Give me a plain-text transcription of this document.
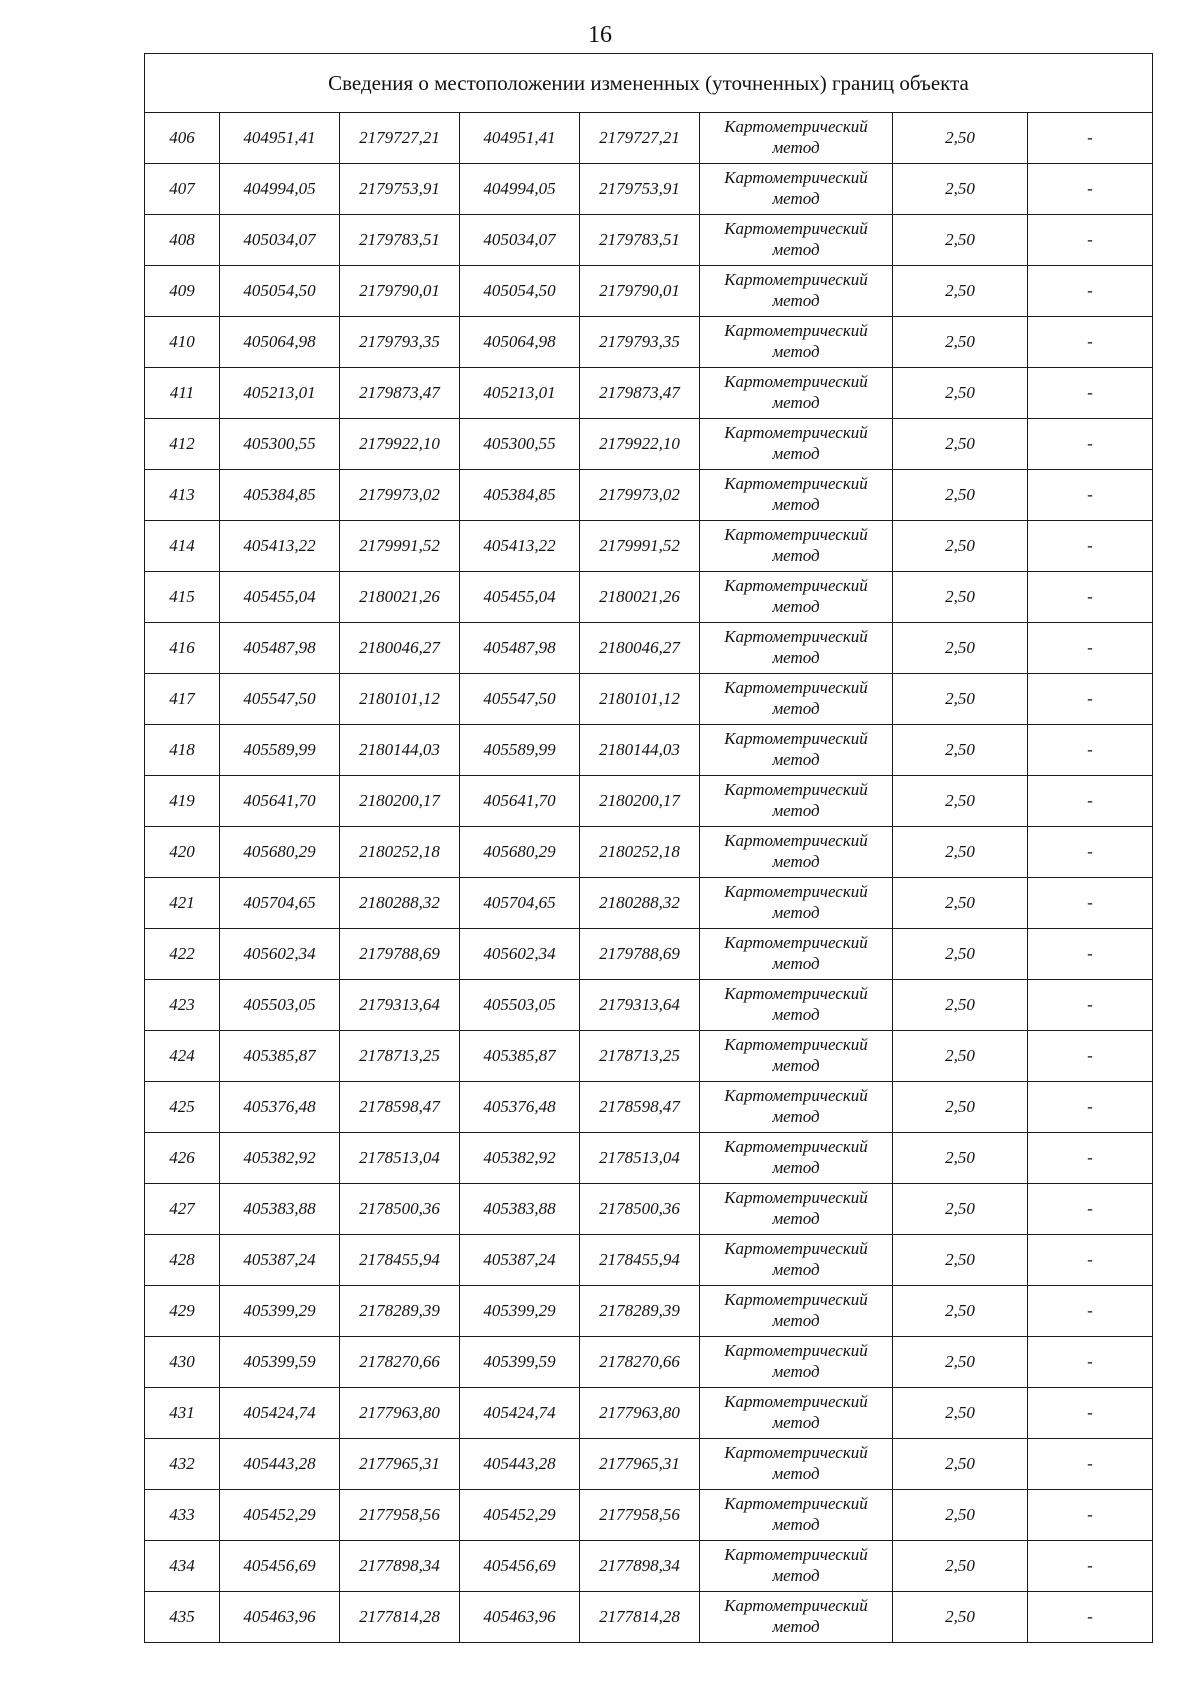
16
Сведения о местоположении измененных (уточненных) границ объекта							
406	404951,41	2179727,21	404951,41	2179727,21	Картометрический метод	2,50	-
407	404994,05	2179753,91	404994,05	2179753,91	Картометрический метод	2,50	-
408	405034,07	2179783,51	405034,07	2179783,51	Картометрический метод	2,50	-
409	405054,50	2179790,01	405054,50	2179790,01	Картометрический метод	2,50	-
410	405064,98	2179793,35	405064,98	2179793,35	Картометрический метод	2,50	-
411	405213,01	2179873,47	405213,01	2179873,47	Картометрический метод	2,50	-
412	405300,55	2179922,10	405300,55	2179922,10	Картометрический метод	2,50	-
413	405384,85	2179973,02	405384,85	2179973,02	Картометрический метод	2,50	-
414	405413,22	2179991,52	405413,22	2179991,52	Картометрический метод	2,50	-
415	405455,04	2180021,26	405455,04	2180021,26	Картометрический метод	2,50	-
416	405487,98	2180046,27	405487,98	2180046,27	Картометрический метод	2,50	-
417	405547,50	2180101,12	405547,50	2180101,12	Картометрический метод	2,50	-
418	405589,99	2180144,03	405589,99	2180144,03	Картометрический метод	2,50	-
419	405641,70	2180200,17	405641,70	2180200,17	Картометрический метод	2,50	-
420	405680,29	2180252,18	405680,29	2180252,18	Картометрический метод	2,50	-
421	405704,65	2180288,32	405704,65	2180288,32	Картометрический метод	2,50	-
422	405602,34	2179788,69	405602,34	2179788,69	Картометрический метод	2,50	-
423	405503,05	2179313,64	405503,05	2179313,64	Картометрический метод	2,50	-
424	405385,87	2178713,25	405385,87	2178713,25	Картометрический метод	2,50	-
425	405376,48	2178598,47	405376,48	2178598,47	Картометрический метод	2,50	-
426	405382,92	2178513,04	405382,92	2178513,04	Картометрический метод	2,50	-
427	405383,88	2178500,36	405383,88	2178500,36	Картометрический метод	2,50	-
428	405387,24	2178455,94	405387,24	2178455,94	Картометрический метод	2,50	-
429	405399,29	2178289,39	405399,29	2178289,39	Картометрический метод	2,50	-
430	405399,59	2178270,66	405399,59	2178270,66	Картометрический метод	2,50	-
431	405424,74	2177963,80	405424,74	2177963,80	Картометрический метод	2,50	-
432	405443,28	2177965,31	405443,28	2177965,31	Картометрический метод	2,50	-
433	405452,29	2177958,56	405452,29	2177958,56	Картометрический метод	2,50	-
434	405456,69	2177898,34	405456,69	2177898,34	Картометрический метод	2,50	-
435	405463,96	2177814,28	405463,96	2177814,28	Картометрический метод	2,50	-
